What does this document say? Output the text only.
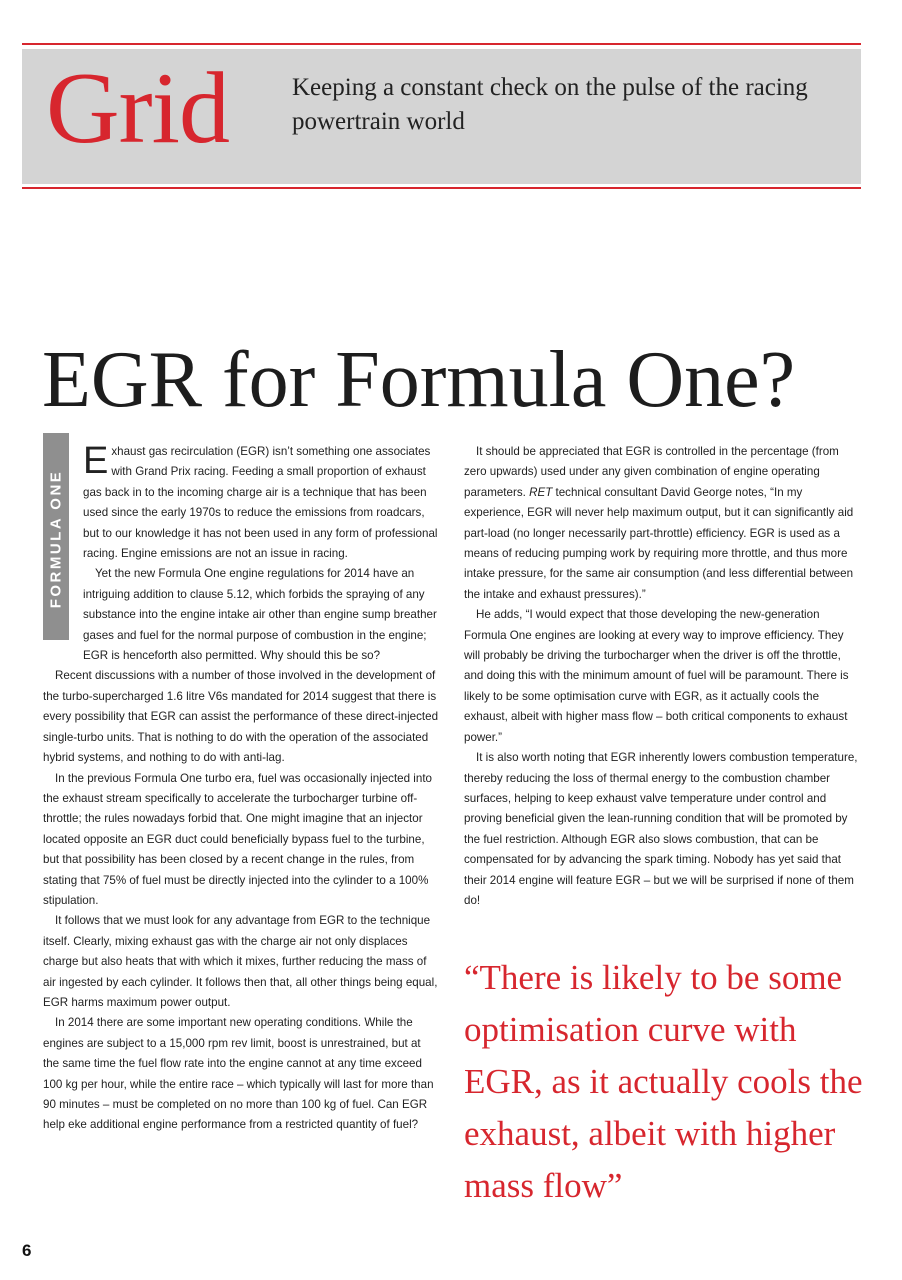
Grid	Keeping a constant check on the pulse of the racing powertrain world
EGR for Formula One?
FORMULA ONE

Exhaust gas recirculation (EGR) isn’t something one associates with Grand Prix racing. Feeding a small proportion of exhaust gas back in to the incoming charge air is a technique that has been used since the early 1970s to reduce the emissions from roadcars, but to our knowledge it has not been used in any form of professional racing. Engine emissions are not an issue in racing.

Yet the new Formula One engine regulations for 2014 have an intriguing addition to clause 5.12, which forbids the spraying of any substance into the engine intake air other than engine sump breather gases and fuel for the normal purpose of combustion in the engine; EGR is henceforth also permitted. Why should this be so?

Recent discussions with a number of those involved in the development of the turbo-supercharged 1.6 litre V6s mandated for 2014 suggest that there is every possibility that EGR can assist the performance of these direct-injected single-turbo units. That is nothing to do with the operation of the associated hybrid systems, and nothing to do with anti-lag.

In the previous Formula One turbo era, fuel was occasionally injected into the exhaust stream specifically to accelerate the turbocharger turbine off-throttle; the rules nowadays forbid that. One might imagine that an injector located opposite an EGR duct could beneficially bypass fuel to the turbine, but that possibility has been closed by a recent change in the rules, from stating that 75% of fuel must be directly injected into the cylinder to a 100% stipulation.

It follows that we must look for any advantage from EGR to the technique itself. Clearly, mixing exhaust gas with the charge air not only displaces charge but also heats that with which it mixes, further reducing the mass of air ingested by each cylinder. It follows then that, all other things being equal, EGR harms maximum power output.

In 2014 there are some important new operating conditions. While the engines are subject to a 15,000 rpm rev limit, boost is unrestrained, but at the same time the fuel flow rate into the engine cannot at any time exceed 100 kg per hour, while the entire race – which typically will last for more than 90 minutes – must be completed on no more than 100 kg of fuel. Can EGR help eke additional engine performance from a restricted quantity of fuel?

It should be appreciated that EGR is controlled in the percentage (from zero upwards) used under any given combination of engine operating parameters. RET technical consultant David George notes, “In my experience, EGR will never help maximum output, but it can significantly aid part-load (no longer necessarily part-throttle) efficiency. EGR is used as a means of reducing pumping work by requiring more throttle, and thus more intake pressure, for the same air consumption (and less differential between the intake and exhaust pressures).”

He adds, “I would expect that those developing the new-generation Formula One engines are looking at every way to improve efficiency. They will probably be driving the turbocharger when the driver is off the throttle, and doing this with the minimum amount of fuel will be paramount. There is likely to be some optimisation curve with EGR, as it actually cools the exhaust, albeit with higher mass flow – both critical components to exhaust power.”

It is also worth noting that EGR inherently lowers combustion temperature, thereby reducing the loss of thermal energy to the combustion chamber surfaces, helping to keep exhaust valve temperature under control and proving beneficial given the lean-running condition that will be promoted by the fuel restriction. Although EGR also slows combustion, that can be compensated for by advancing the spark timing. Nobody has yet said that their 2014 engine will feature EGR – but we will be surprised if none of them do!

“There is likely to be some optimisation curve with EGR, as it actually cools the exhaust, albeit with higher mass flow”
6
